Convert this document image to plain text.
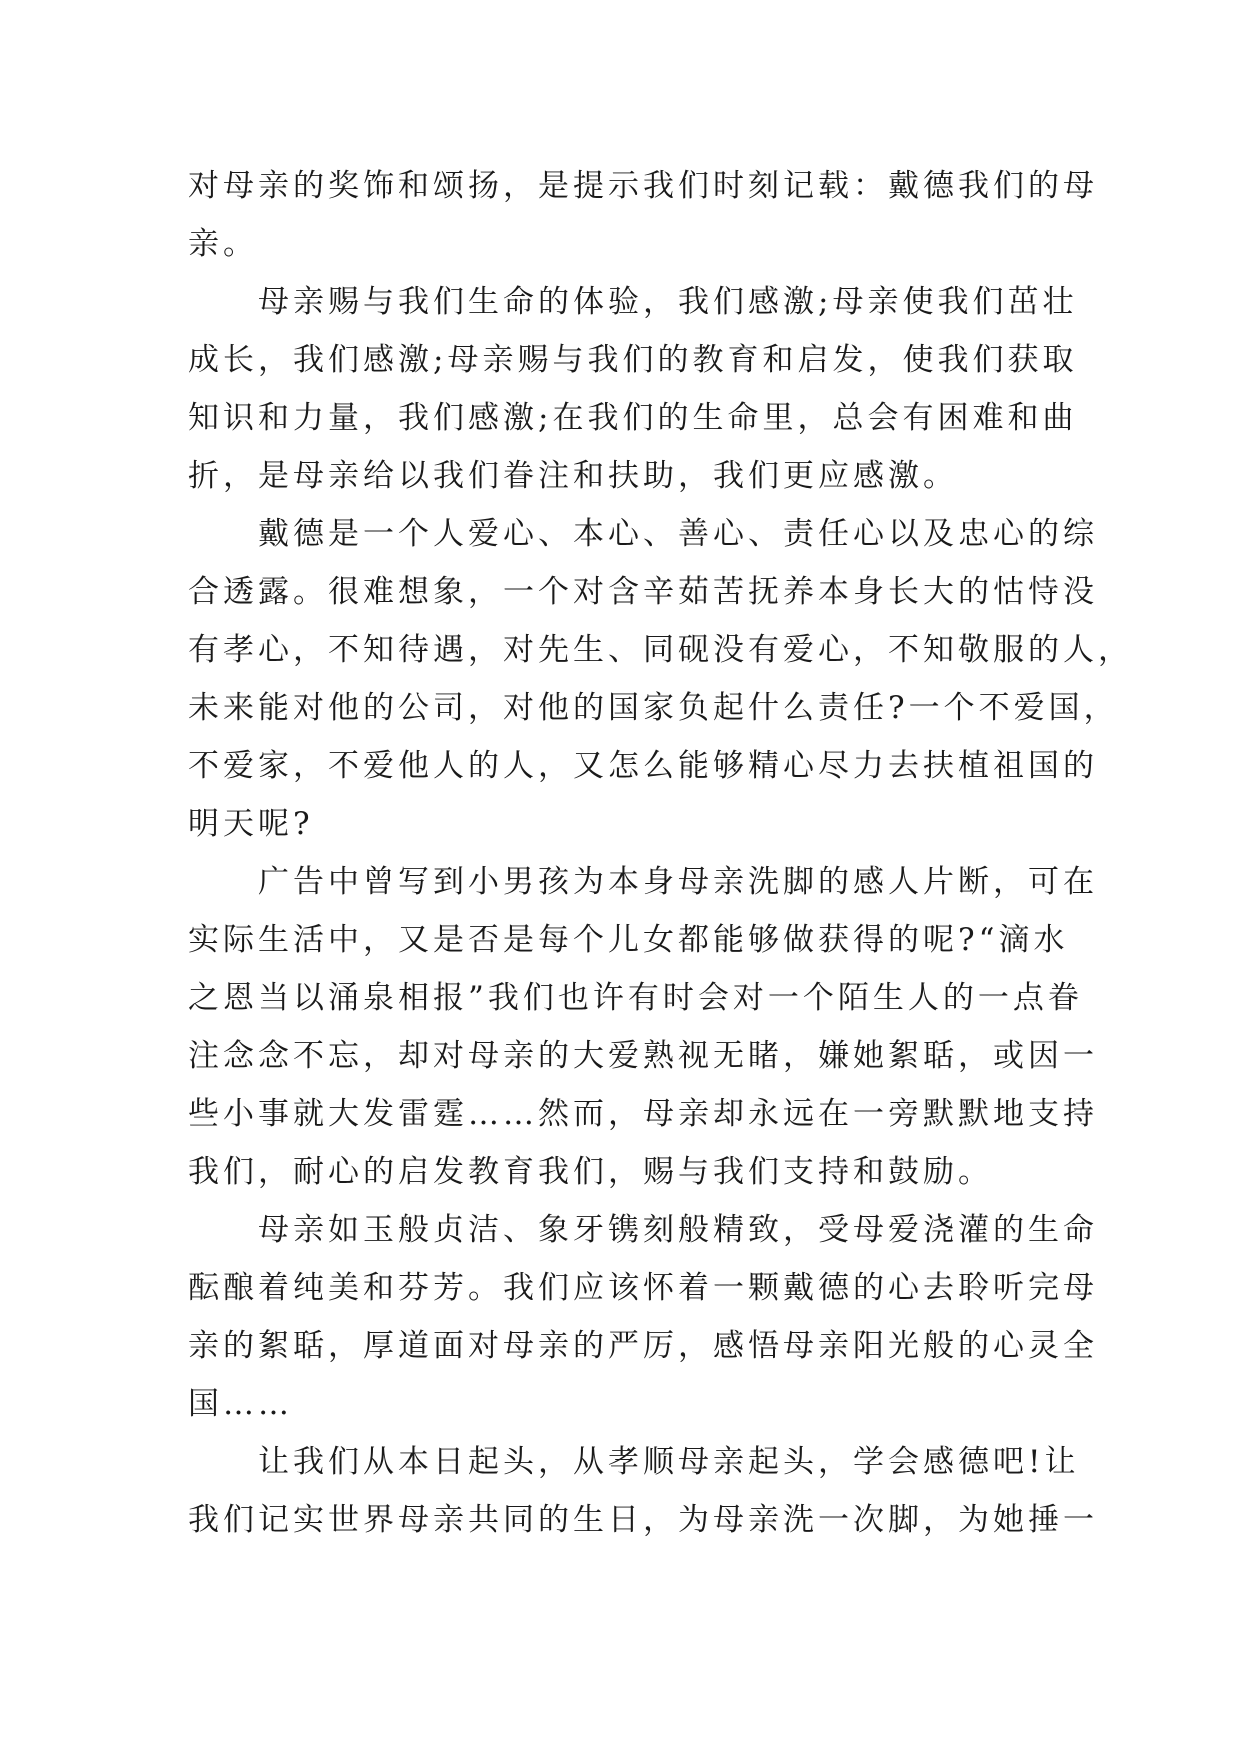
对母亲的奖饰和颂扬，是提示我们时刻记载：戴德我们的母
亲。

母亲赐与我们生命的体验，我们感激;母亲使我们茁壮
成长，我们感激;母亲赐与我们的教育和启发，使我们获取
知识和力量，我们感激;在我们的生命里，总会有困难和曲
折，是母亲给以我们眷注和扶助，我们更应感激。

戴德是一个人爱心、本心、善心、责任心以及忠心的综
合透露。很难想象，一个对含辛茹苦抚养本身长大的怙恃没
有孝心，不知待遇，对先生、同砚没有爱心，不知敬服的人，
未来能对他的公司，对他的国家负起什么责任?一个不爱国，
不爱家，不爱他人的人，又怎么能够精心尽力去扶植祖国的
明天呢?

广告中曾写到小男孩为本身母亲洗脚的感人片断，可在
实际生活中，又是否是每个儿女都能够做获得的呢?“滴水
之恩当以涌泉相报”我们也许有时会对一个陌生人的一点眷
注念念不忘，却对母亲的大爱熟视无睹，嫌她絮聒，或因一
些小事就大发雷霆……然而，母亲却永远在一旁默默地支持
我们，耐心的启发教育我们，赐与我们支持和鼓励。

母亲如玉般贞洁、象牙镌刻般精致，受母爱浇灌的生命
酝酿着纯美和芬芳。我们应该怀着一颗戴德的心去聆听完母
亲的絮聒，厚道面对母亲的严厉，感悟母亲阳光般的心灵全
国……

让我们从本日起头，从孝顺母亲起头，学会感德吧!让
我们记实世界母亲共同的生日，为母亲洗一次脚，为她捶一
